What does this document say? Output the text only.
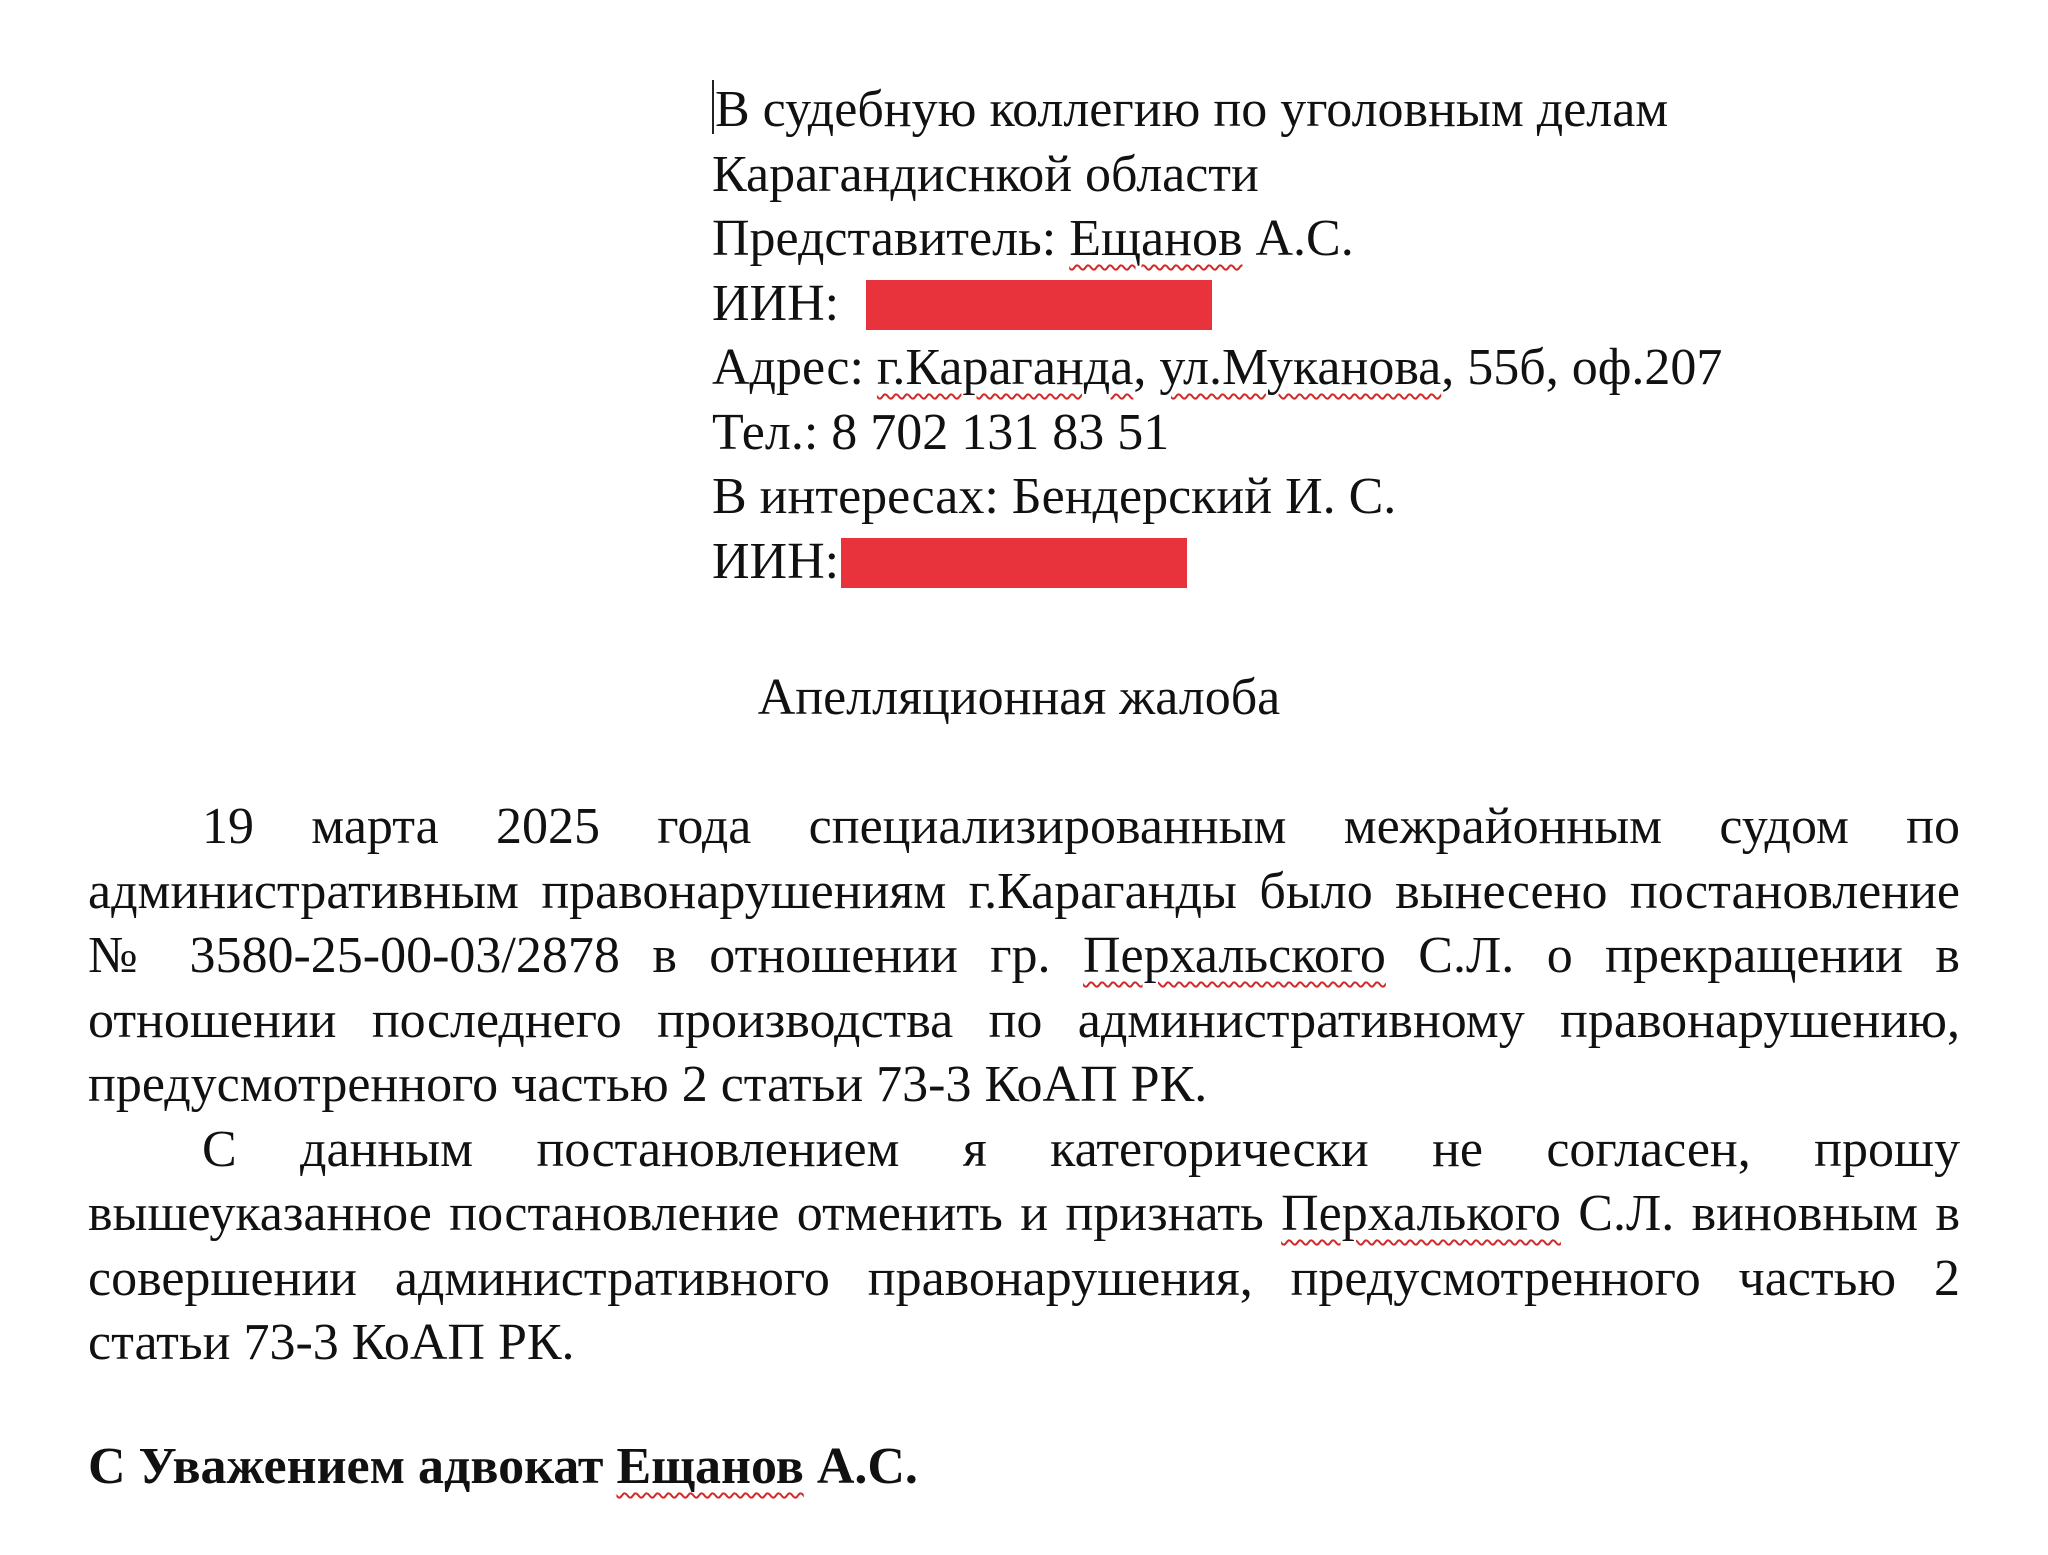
В судебную коллегию по уголовным делам
Карагандиснкой области
Представитель: Ещанов А.С.
ИИН:
Адрес: г.Караганда, ул.Муканова, 55б, оф.207
Тел.: 8 702 131 83 51
В интересах: Бендерский И. С.
ИИН:
Апелляционная жалоба

19 марта 2025 года специализированным межрайонным судом по административным правонарушениям г.Караганды было вынесено постановление № 3580-25-00-03/2878 в отношении гр. Перхальского С.Л. о прекращении в отношении последнего производства по административному правонарушению, предусмотренного частью 2 статьи 73-3 КоАП РК.

С данным постановлением я категорически не согласен, прошу вышеуказанное постановление отменить и признать Перхалького С.Л. виновным в совершении административного правонарушения, предусмотренного частью 2 статьи 73-3 КоАП РК.

С Уважением адвокат Ещанов А.С.
